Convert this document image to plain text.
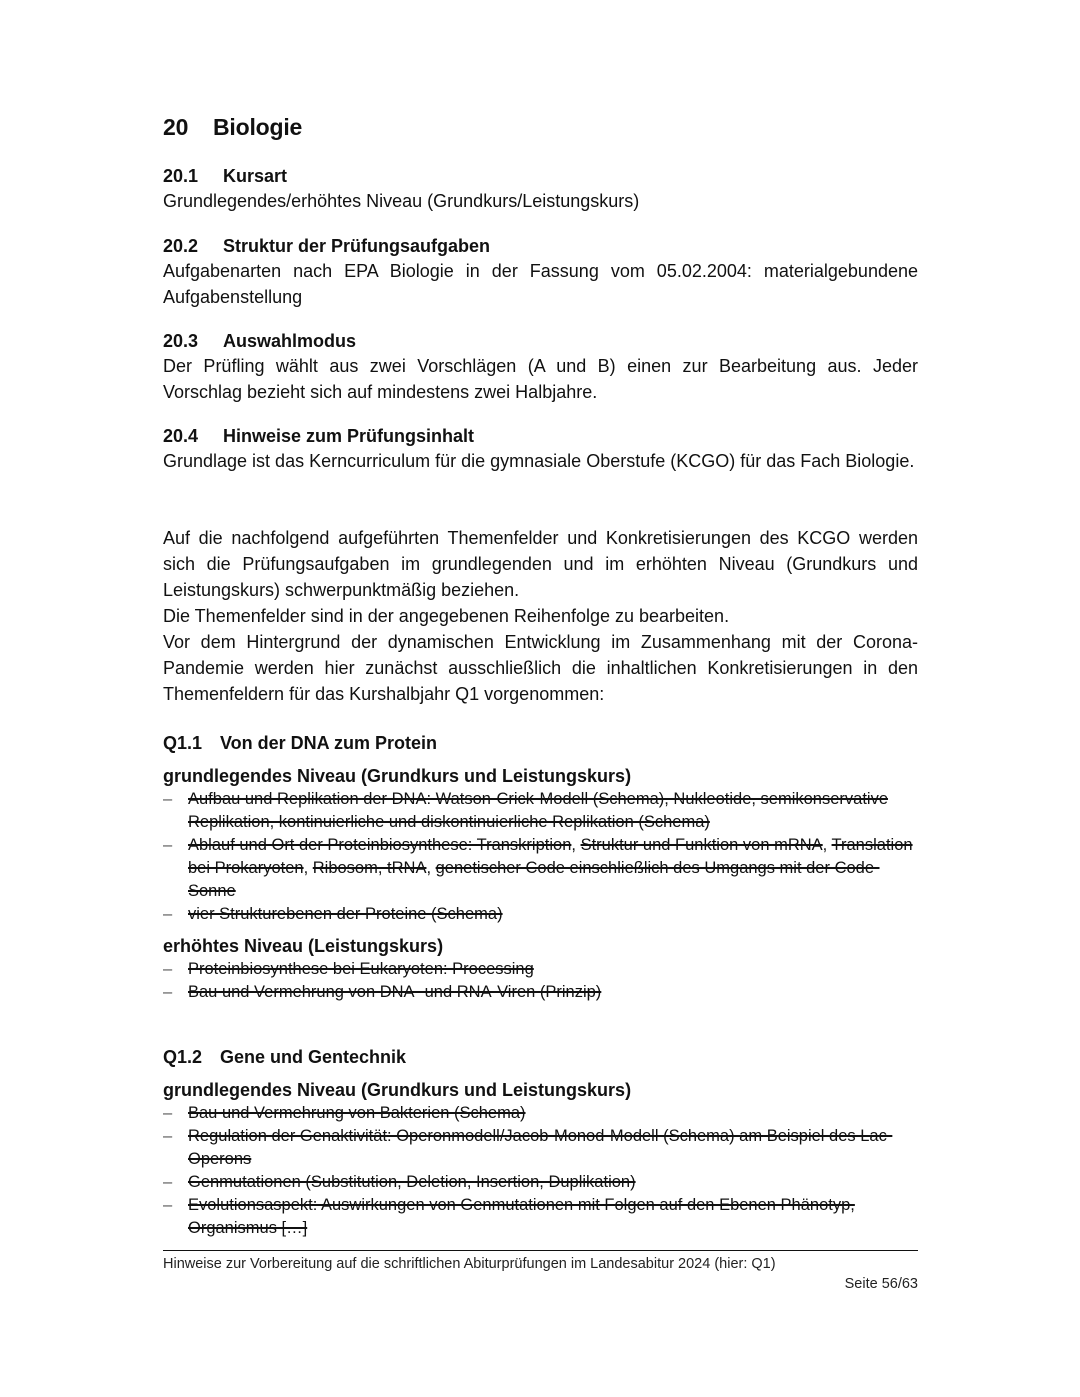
20 Biologie
20.1 Kursart

Grundlegendes/erhöhtes Niveau (Grundkurs/Leistungskurs)

20.2 Struktur der Prüfungsaufgaben

Aufgabenarten nach EPA Biologie in der Fassung vom 05.02.2004: materialgebundene Aufgabenstellung

20.3 Auswahlmodus

Der Prüfling wählt aus zwei Vorschlägen (A und B) einen zur Bearbeitung aus. Jeder Vorschlag bezieht sich auf mindestens zwei Halbjahre.

20.4 Hinweise zum Prüfungsinhalt

Grundlage ist das Kerncurriculum für die gymnasiale Oberstufe (KCGO) für das Fach Biologie.

Auf die nachfolgend aufgeführten Themenfelder und Konkretisierungen des KCGO werden sich die Prüfungsaufgaben im grundlegenden und im erhöhten Niveau (Grundkurs und Leistungskurs) schwerpunktmäßig beziehen.

Die Themenfelder sind in der angegebenen Reihenfolge zu bearbeiten.

Vor dem Hintergrund der dynamischen Entwicklung im Zusammenhang mit der Corona-Pandemie werden hier zunächst ausschließlich die inhaltlichen Konkretisierungen in den Themenfeldern für das Kurshalbjahr Q1 vorgenommen:

Q1.1 Von der DNA zum Protein
grundlegendes Niveau (Grundkurs und Leistungskurs)
– Aufbau und Replikation der DNA: Watson-Crick-Modell (Schema), Nukleotide, semikonservative Replikation, kontinuierliche und diskontinuierliche Replikation (Schema)
– Ablauf und Ort der Proteinbiosynthese: Transkription, Struktur und Funktion von mRNA, Translation bei Prokaryoten, Ribosom, tRNA, genetischer Code einschließlich des Umgangs mit der Code-Sonne
– vier Strukturebenen der Proteine (Schema)
erhöhtes Niveau (Leistungskurs)
– Proteinbiosynthese bei Eukaryoten: Processing
– Bau und Vermehrung von DNA- und RNA-Viren (Prinzip)
Q1.2 Gene und Gentechnik
grundlegendes Niveau (Grundkurs und Leistungskurs)
– Bau und Vermehrung von Bakterien (Schema)
– Regulation der Genaktivität: Operonmodell/Jacob-Monod-Modell (Schema) am Beispiel des Lac-Operons
– Genmutationen (Substitution, Deletion, Insertion, Duplikation)
– Evolutionsaspekt: Auswirkungen von Genmutationen mit Folgen auf den Ebenen Phänotyp, Organismus […]
Hinweise zur Vorbereitung auf die schriftlichen Abiturprüfungen im Landesabitur 2024 (hier: Q1)
Seite 56/63
